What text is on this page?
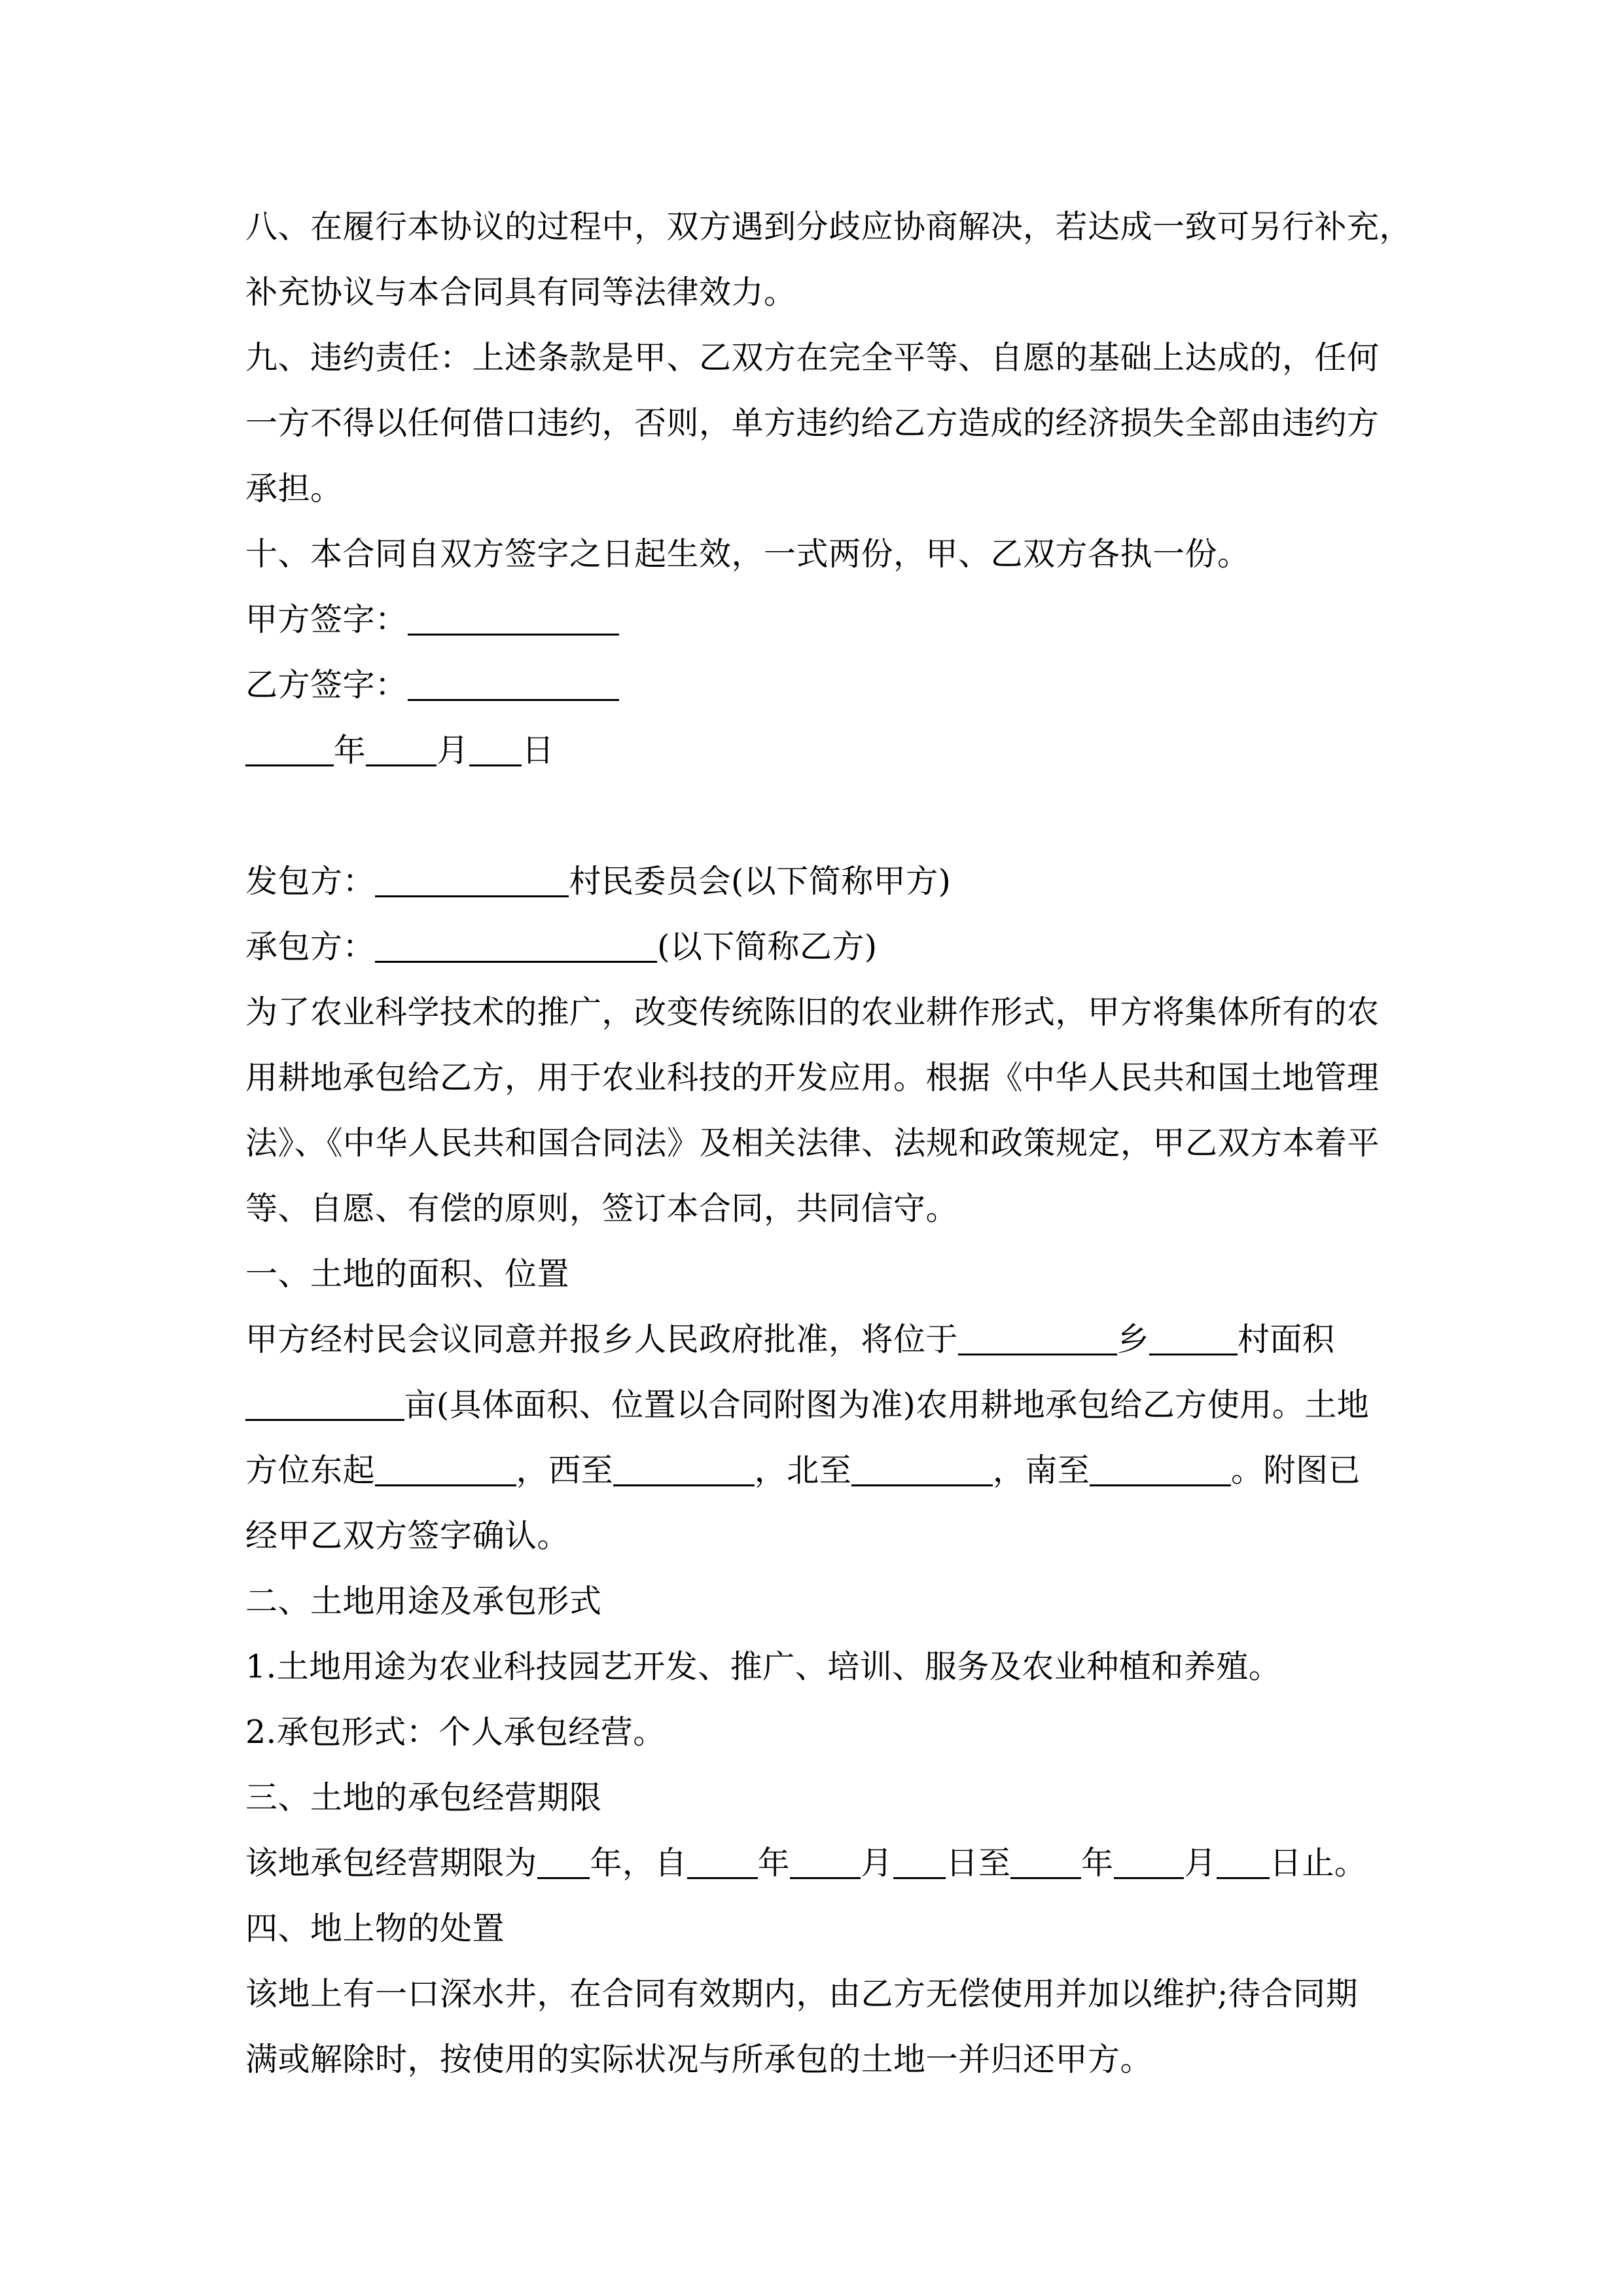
八、在履行本协议的过程中，双方遇到分歧应协商解决，若达成一致可另行补充，
补充协议与本合同具有同等法律效力。
九、违约责任：上述条款是甲、乙双方在完全平等、自愿的基础上达成的，任何
一方不得以任何借口违约，否则，单方违约给乙方造成的经济损失全部由违约方
承担。
十、本合同自双方签字之日起生效，一式两份，甲、乙双方各执一份。
甲方签字：
乙方签字：
年 月 日
发包方：	村民委员会(以下简称甲方)
承包方：	(以下简称乙方)
为了农业科学技术的推广，改变传统陈旧的农业耕作形式，甲方将集体所有的农
用耕地承包给乙方，用于农业科技的开发应用。根据《中华人民共和国土地管理
法》、《中华人民共和国合同法》及相关法律、法规和政策规定，甲乙双方本着平
等、自愿、有偿的原则，签订本合同，共同信守。
一、土地的面积、位置
甲方经村民会议同意并报乡人民政府批准，将位于	乡	村面积
亩(具体面积、位置以合同附图为准)农用耕地承包给乙方使用。土地
方位东起	，西至	，北至	，南至	。附图已
经甲乙双方签字确认。
二、土地用途及承包形式
1.土地用途为农业科技园艺开发、推广、培训、服务及农业种植和养殖。
2.承包形式：个人承包经营。
三、土地的承包经营期限
该地承包经营期限为 年，自 年 月 日至 年 月 日止。
四、地上物的处置
该地上有一口深水井，在合同有效期内，由乙方无偿使用并加以维护;待合同期
满或解除时，按使用的实际状况与所承包的土地一并归还甲方。
